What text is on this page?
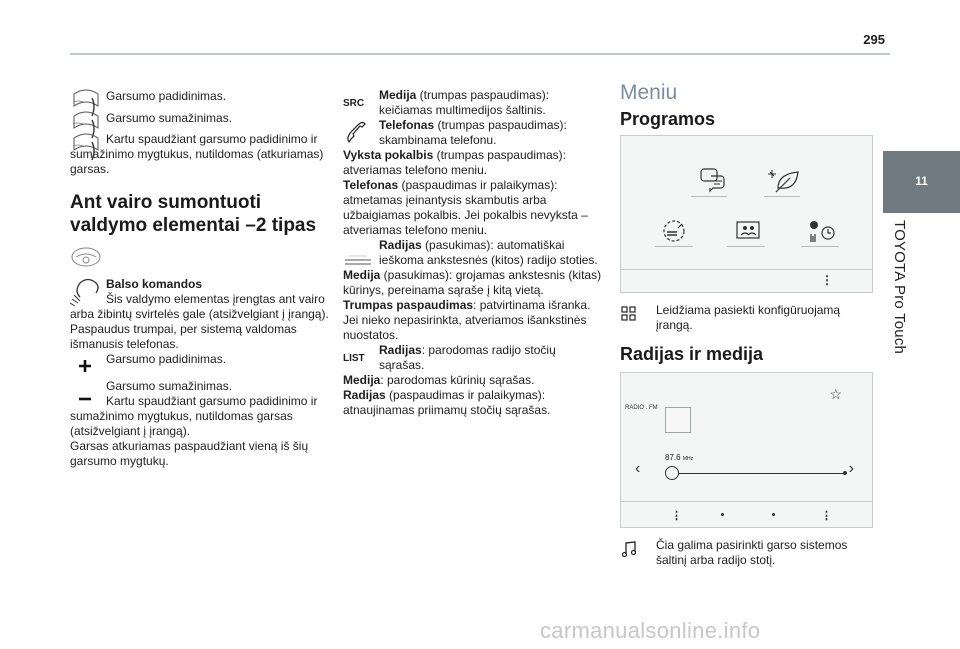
295
11
TOYOTA Pro Touch
Garsumo padidinimas.
Garsumo sumažinimas.
Kartu spaudžiant garsumo padidinimo ir sumažinimo mygtukus, nutildomas (atkuriamas) garsas.
Ant vairo sumontuoti valdymo elementai –2 tipas
Balso komandos
Šis valdymo elementas įrengtas ant vairo arba žibintų svirtelės gale (atsižvelgiant į įrangą). Paspaudus trumpai, per sistemą valdomas išmanusis telefonas.
Garsumo padidinimas.
Garsumo sumažinimas.
Kartu spaudžiant garsumo padidinimo ir sumažinimo mygtukus, nutildomas garsas (atsižvelgiant į įrangą).
Garsas atkuriamas paspaudžiant vieną iš šių garsumo mygtukų.
SRC
Medija (trumpas paspaudimas): keičiamas multimedijos šaltinis.
Telefonas (trumpas paspaudimas): skambinama telefonu.
Vyksta pokalbis (trumpas paspaudimas): atveriamas telefono meniu.
Telefonas (paspaudimas ir palaikymas): atmetamas įeinantysis skambutis arba užbaigiamas pokalbis. Jei pokalbis nevyksta – atveriamas telefono meniu.
Radijas (pasukimas): automatiškai ieškoma ankstesnės (kitos) radijo stoties.
Medija (pasukimas): grojamas ankstesnis (kitas) kūrinys, pereinama sąraše į kitą vietą.
Trumpas paspaudimas: patvirtinama išranka. Jei nieko nepasirinkta, atveriamos išankstinės nuostatos.
LIST
Radijas: parodomas radijo stočių sąrašas.
Medija: parodomas kūrinių sąrašas.
Radijas (paspaudimas ir palaikymas): atnaujinamas priimamų stočių sąrašas.
Meniu
Programos
⋮
Leidžiama pasiekti konfigūruojamą įrangą.
Radijas ir medija
RADIO . FM
☆
87.6 MHz
‹	›
⋮	⋮
Čia galima pasirinkti garso sistemos šaltinį arba radijo stotį.
carmanualsonline.info
